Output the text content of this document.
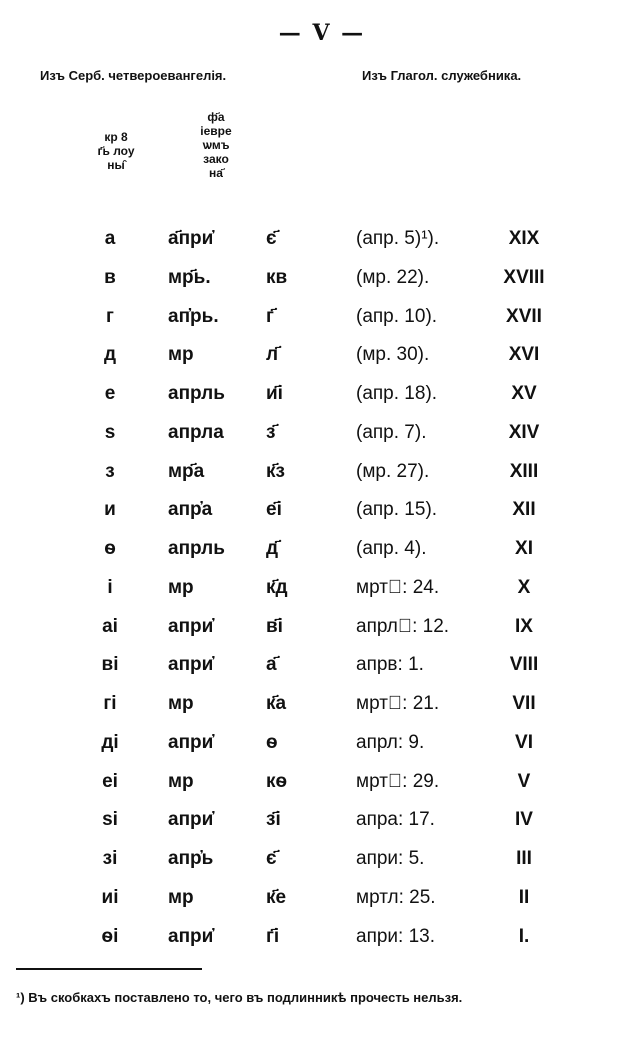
— V —
Изъ Серб. четвероевангелія.	Изъ Глагол. служебника.
кр 8
г҃ь лоу
ны̑
ф҃а
іевре
ѡмъ
зако
на҃
а	а҃при҆	є҃	(апр. 5)¹).	XIX
в	мр҃ь.	кв	(мр. 22).	XVIII
г	ап҆рь. г҃	(апр. 10).	XVII
д	мр	л҃	(мр. 30).	XVI
е	апрль и҃і	(апр. 18).	XV
ѕ	апрла з҃	(апр. 7).	XIV
з	мр҃а	к҃з	(мр. 27).	XIII
и	апр҆а	е҃і	(апр. 15).	XII
ѳ	апрль д҃	(апр. 4).	XI
і	мр	к҃д	мртⷶ: 24.	X
аі	апри҆	в҃і	апрлⷶ: 12.	IX
ві	апри҆	а҃	апрв: 1.	VIII
гі	мр	к҃а	мртⷶ: 21.	VII
ді	апри҆	ѳ	апрл: 9.	VI
еі	мр	кѳ	мртⷶ: 29.	V
ѕі	апри҆	з҃і	апра: 17.	IV
зі	апр҆ь	є҃	апри: 5.	III
иі	мр	к҃е	мртл: 25.	II
ѳі	апри҆	г҃і	апри: 13.	I.
¹) Въ скобкахъ поставлено то, чего въ подлинникѣ прочесть нельзя.
